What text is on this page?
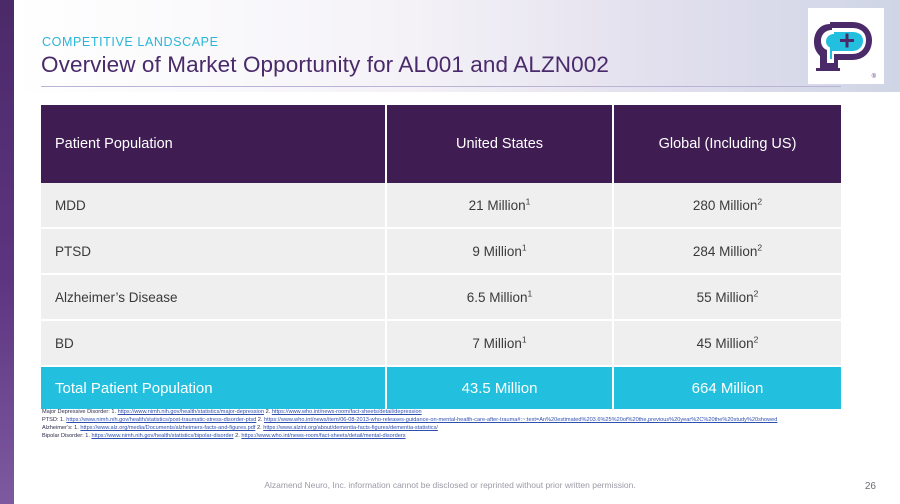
®
COMPETITIVE LANDSCAPE
Overview of Market Opportunity for AL001 and ALZN002
Patient Population	United States	Global (Including US)
MDD	21 Million$^1$	280 Million$^2$
PTSD	9 Million$^1$	284 Million$^2$
Alzheimer’s Disease	6.5 Million$^1$	55 Million$^2$
BD	7 Million$^1$	45 Million$^2$
Total Patient Population	43.5 Million	664 Million
Major Depressive Disorder: 1. https://www.nimh.nih.gov/health/statistics/major-depression 2. https://www.who.int/news-room/fact-sheets/detail/depression
PTSD: 1. https://www.nimh.nih.gov/health/statistics/post-traumatic-stress-disorder-ptsd 2. https://www.who.int/news/item/06-08-2013-who-releases-guidance-on-mental-health-care-after-trauma#:~:text=An%20estimated%203.6%25%20of%20the,previous%20year%2C%20the%20study%20showed
Alzheimer’s: 1. https://www.alz.org/media/Documents/alzheimers-facts-and-figures.pdf 2. https://www.alzint.org/about/dementia-facts-figures/dementia-statistics/
Bipolar Disorder: 1. https://www.nimh.nih.gov/health/statistics/bipolar-disorder 2. https://www.who.int/news-room/fact-sheets/detail/mental-disorders
Alzamend Neuro, Inc. information cannot be disclosed or reprinted without prior written permission.	26
